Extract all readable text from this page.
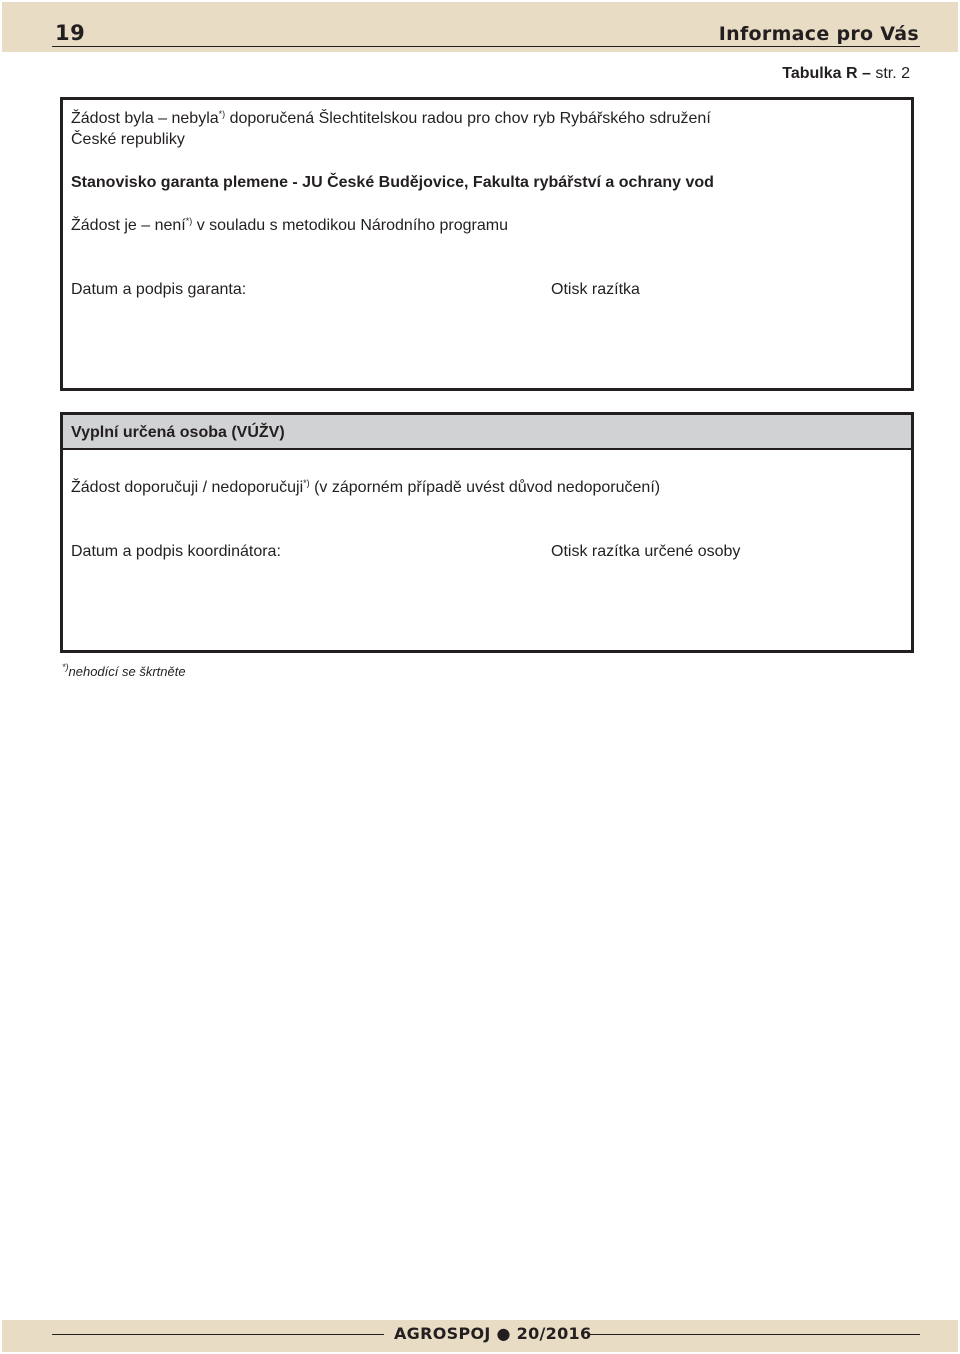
19	Informace pro Vás
Tabulka R – str. 2
Žádost byla – nebyla*) doporučená Šlechtitelskou radou pro chov ryb Rybářského sdružení
České republiky
Stanovisko garanta plemene - JU České Budějovice, Fakulta rybářství a ochrany vod
Žádost je – není*) v souladu s metodikou Národního programu
Datum a podpis garanta:	Otisk razítka
Vyplní určená osoba (VÚŽV)
Žádost doporučuji / nedoporučuji*) (v záporném případě uvést důvod nedoporučení)
Datum a podpis koordinátora:	Otisk razítka určené osoby
*)nehodící se škrtněte
AGROSPOJ ● 20/2016
